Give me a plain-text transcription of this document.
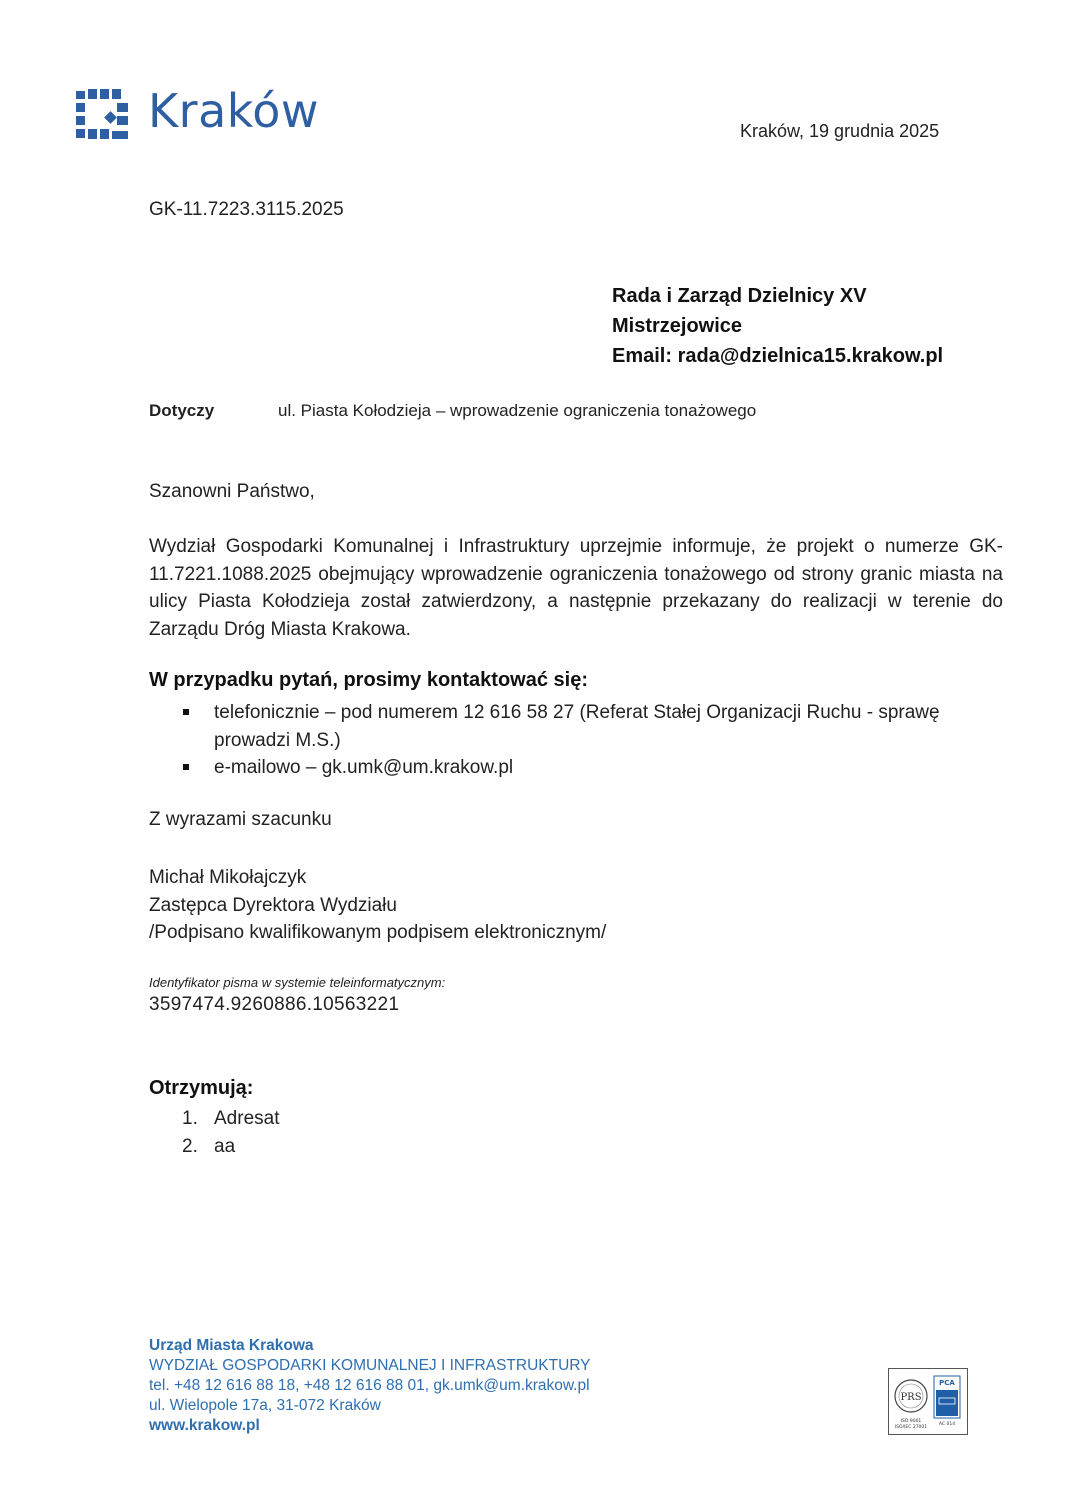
Kraków	Kraków, 19 grudnia 2025
GK-11.7223.3115.2025
Rada i Zarząd Dzielnicy XV
Mistrzejowice
Email: rada@dzielnica15.krakow.pl
Dotyczy	ul. Piasta Kołodzieja – wprowadzenie ograniczenia tonażowego
Szanowni Państwo,
Wydział Gospodarki Komunalnej i Infrastruktury uprzejmie informuje, że projekt o numerze GK-11.7221.1088.2025 obejmujący wprowadzenie ograniczenia tonażowego od strony granic miasta na ulicy Piasta Kołodzieja został zatwierdzony, a następnie przekazany do realizacji w terenie do Zarządu Dróg Miasta Krakowa.
W przypadku pytań, prosimy kontaktować się:
telefonicznie – pod numerem 12 616 58 27 (Referat Stałej Organizacji Ruchu - sprawę prowadzi M.S.)
e-mailowo – gk.umk@um.krakow.pl
Z wyrazami szacunku
Michał Mikołajczyk
Zastępca Dyrektora Wydziału
/Podpisano kwalifikowanym podpisem elektronicznym/
Identyfikator pisma w systemie teleinformatycznym:
3597474.9260886.10563221
Otrzymują:
1. Adresat
2. aa
Urząd Miasta Krakowa
WYDZIAŁ GOSPODARKI KOMUNALNEJ I INFRASTRUKTURY
tel. +48 12 616 88 18, +48 12 616 88 01, gk.umk@um.krakow.pl
ul. Wielopole 17a, 31-072 Kraków
www.krakow.pl
PRS
ISO 9001
ISO/IEC 27001
PCA
AC 014
